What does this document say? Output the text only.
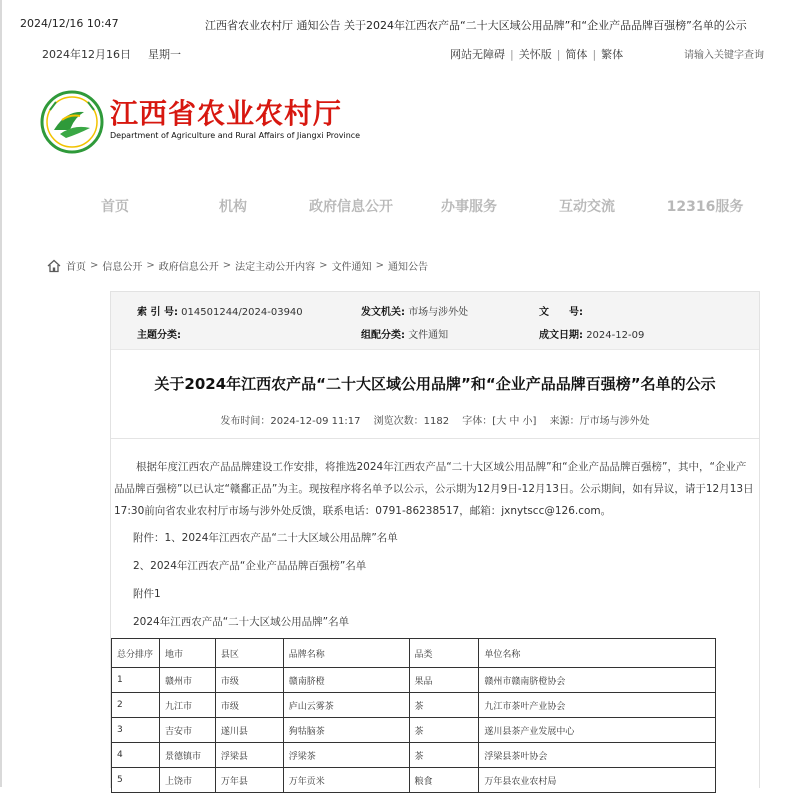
2024/12/16 10:47	江西省农业农村厅 通知公告 关于2024年江西农产品“二十大区域公用品牌”和“企业产品品牌百强榜”名单的公示
2024年12月16日 星期一	网站无障碍 | 关怀版 | 简体 | 繁体	请输入关键字查询
江西省农业农村厅
Department of Agriculture and Rural Affairs of Jiangxi Province
首页	机构	政府信息公开	办事服务	互动交流	12316服务
首页 > 信息公开 > 政府信息公开 > 法定主动公开内容 > 文件通知 > 通知公告
索 引 号: 014501244/2024-03940	发文机关: 市场与涉外处	文　　号:
主题分类:	组配分类: 文件通知	成文日期: 2024-12-09
关于2024年江西农产品“二十大区域公用品牌”和“企业产品品牌百强榜”名单的公示
发布时间：2024-12-09 11:17 浏览次数：1182 字体：[大 中 小] 来源：厅市场与涉外处
根据年度江西农产品品牌建设工作安排，将推选2024年江西农产品“二十大区域公用品牌”和“企业产品品牌百强榜”，其中，“企业产品品牌百强榜”以已认定“赣鄱正品”为主。现按程序将名单予以公示，公示期为12月9日-12月13日。公示期间，如有异议，请于12月13日17:30前向省农业农村厅市场与涉外处反馈，联系电话：0791-86238517，邮箱：jxnytscc@126.com。
附件：1、2024年江西农产品“二十大区域公用品牌”名单
2、2024年江西农产品“企业产品品牌百强榜”名单
附件1
2024年江西农产品“二十大区域公用品牌”名单
总分排序	地市	县区	品牌名称	品类	单位名称
1	赣州市	市级	赣南脐橙	果品	赣州市赣南脐橙协会
2	九江市	市级	庐山云雾茶	茶	九江市茶叶产业协会
3	吉安市	遂川县	狗牯脑茶	茶	遂川县茶产业发展中心
4	景德镇市	浮梁县	浮梁茶	茶	浮梁县茶叶协会
5	上饶市	万年县	万年贡米	粮食	万年县农业农村局
